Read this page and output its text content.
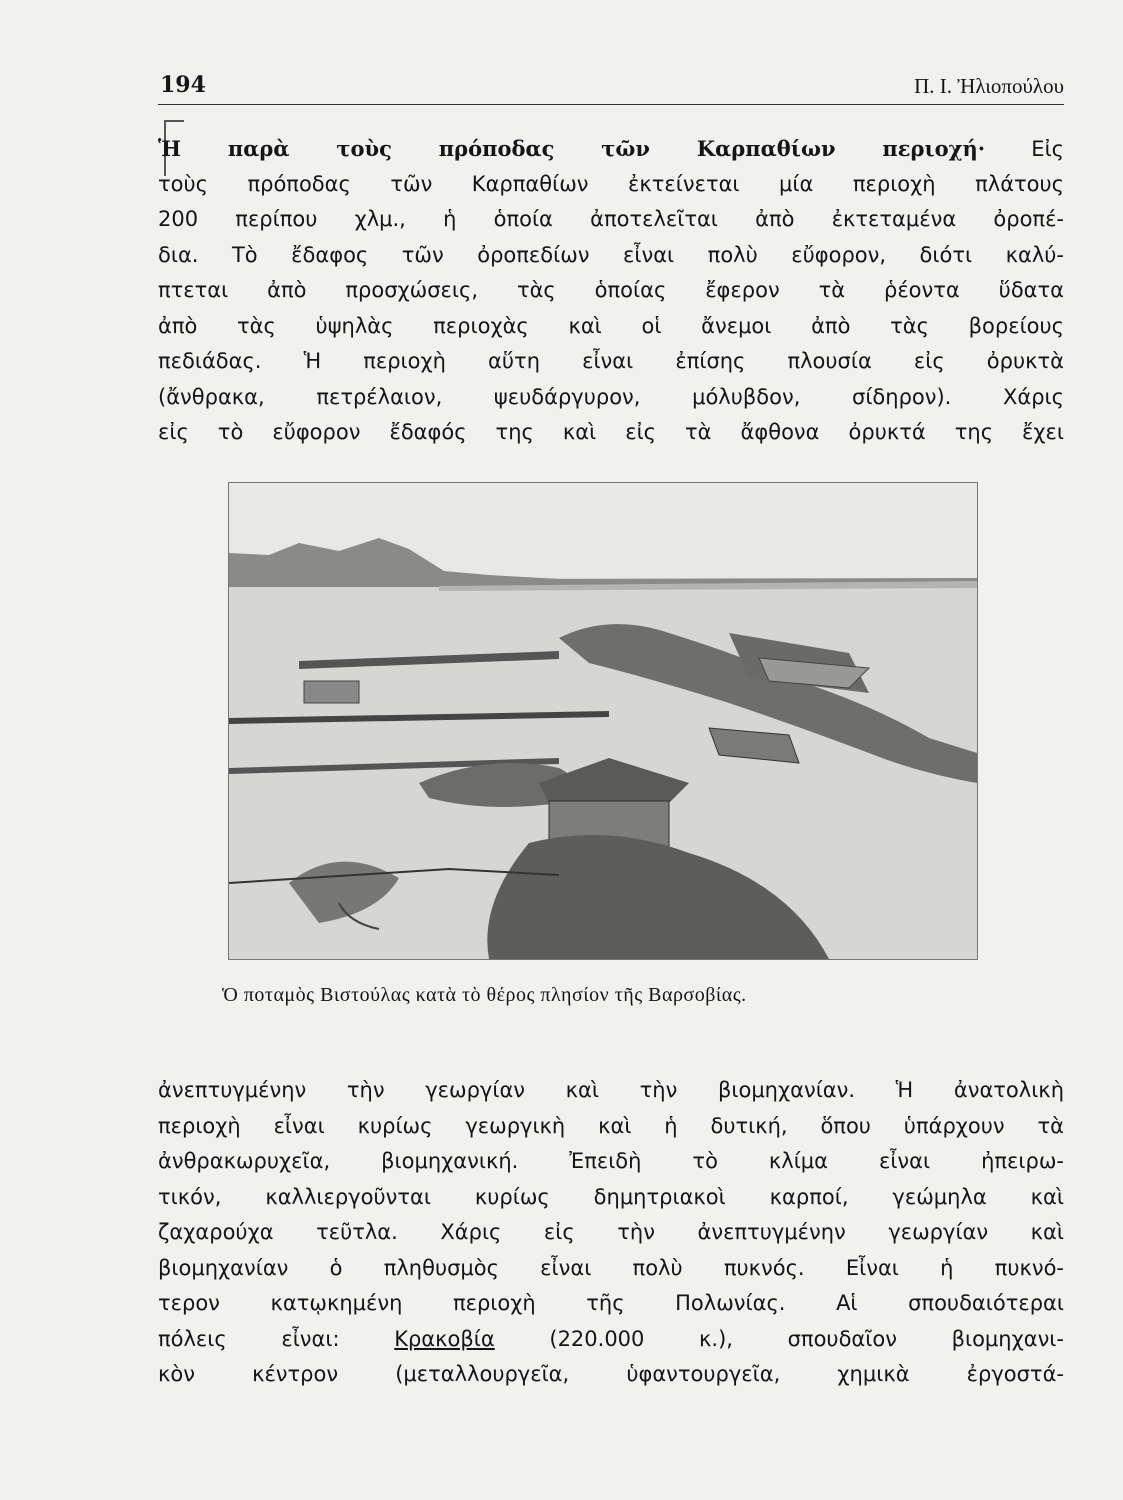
194	Π. Ι. Ἠλιοπούλου
Ἡ παρὰ τοὺς πρόποδας τῶν Καρπαθίων περιοχή· Εἰς
τοὺς πρόποδας τῶν Καρπαθίων ἐκτείνεται μία περιοχὴ πλάτους
200 περίπου χλμ., ἡ ὁποία ἀποτελεῖται ἀπὸ ἐκτεταμένα ὀροπέ-
δια. Τὸ ἔδαφος τῶν ὀροπεδίων εἶναι πολὺ εὔφορον, διότι καλύ-
πτεται ἀπὸ προσχώσεις, τὰς ὁποίας ἔφερον τὰ ῥέοντα ὕδατα
ἀπὸ τὰς ὑψηλὰς περιοχὰς καὶ οἱ ἄνεμοι ἀπὸ τὰς βορείους
πεδιάδας. Ἡ περιοχὴ αὕτη εἶναι ἐπίσης πλουσία εἰς ὀρυκτὰ
(ἄνθρακα, πετρέλαιον, ψευδάργυρον, μόλυβδον, σίδηρον). Χάρις
εἰς τὸ εὔφορον ἔδαφός της καὶ εἰς τὰ ἄφθονα ὀρυκτά της ἔχει
Ὁ ποταμὸς Βιστούλας κατὰ τὸ θέρος πλησίον τῆς Βαρσοβίας.
ἀνεπτυγμένην τὴν γεωργίαν καὶ τὴν βιομηχανίαν. Ἡ ἀνατολικὴ
περιοχὴ εἶναι κυρίως γεωργικὴ καὶ ἡ δυτική, ὅπου ὑπάρχουν τὰ
ἀνθρακωρυχεῖα, βιομηχανική. Ἐπειδὴ τὸ κλίμα εἶναι ἠπειρω-
τικόν, καλλιεργοῦνται κυρίως δημητριακοὶ καρποί, γεώμηλα καὶ
ζαχαρούχα τεῦτλα. Χάρις εἰς τὴν ἀνεπτυγμένην γεωργίαν καὶ
βιομηχανίαν ὁ πληθυσμὸς εἶναι πολὺ πυκνός. Εἶναι ἡ πυκνό-
τερον κατῳκημένη περιοχὴ τῆς Πολωνίας. Αἱ σπουδαιότεραι
πόλεις εἶναι: Κρακοβία (220.000 κ.), σπουδαῖον βιομηχανι-
κὸν κέντρον (μεταλλουργεῖα, ὑφαντουργεῖα, χημικὰ ἐργοστά-
